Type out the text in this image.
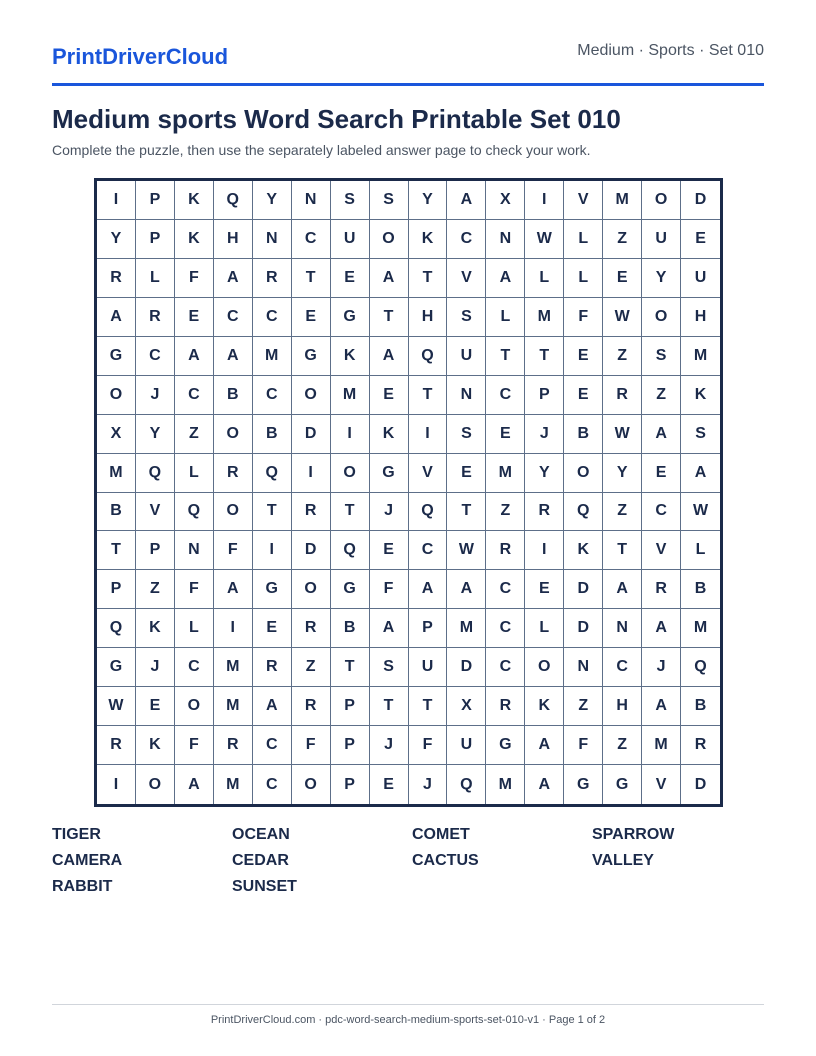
PrintDriverCloud	Medium · Sports · Set 010
Medium sports Word Search Printable Set 010
Complete the puzzle, then use the separately labeled answer page to check your work.
I	P	K	Q	Y	N	S	S	Y	A	X	I	V	M	O	D
Y	P	K	H	N	C	U	O	K	C	N	W	L	Z	U	E
R	L	F	A	R	T	E	A	T	V	A	L	L	E	Y	U
A	R	E	C	C	E	G	T	H	S	L	M	F	W	O	H
G	C	A	A	M	G	K	A	Q	U	T	T	E	Z	S	M
O	J	C	B	C	O	M	E	T	N	C	P	E	R	Z	K
X	Y	Z	O	B	D	I	K	I	S	E	J	B	W	A	S
M	Q	L	R	Q	I	O	G	V	E	M	Y	O	Y	E	A
B	V	Q	O	T	R	T	J	Q	T	Z	R	Q	Z	C	W
T	P	N	F	I	D	Q	E	C	W	R	I	K	T	V	L
P	Z	F	A	G	O	G	F	A	A	C	E	D	A	R	B
Q	K	L	I	E	R	B	A	P	M	C	L	D	N	A	M
G	J	C	M	R	Z	T	S	U	D	C	O	N	C	J	Q
W	E	O	M	A	R	P	T	T	X	R	K	Z	H	A	B
R	K	F	R	C	F	P	J	F	U	G	A	F	Z	M	R
I	O	A	M	C	O	P	E	J	Q	M	A	G	G	V	D
TIGER	OCEAN	COMET	SPARROW
CAMERA	CEDAR	CACTUS	VALLEY
RABBIT	SUNSET
PrintDriverCloud.com · pdc-word-search-medium-sports-set-010-v1 · Page 1 of 2
